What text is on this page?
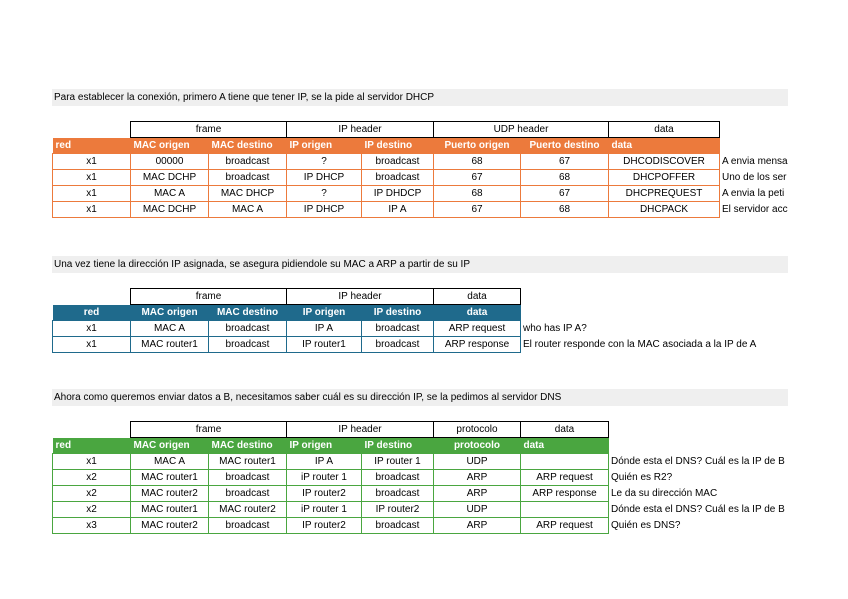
Para establecer la conexión, primero A tiene que tener IP, se la pide al servidor DHCP
	frame		IP header		UDP header		data	
red	MAC origen	MAC destino	IP origen	IP destino	Puerto origen	Puerto destino	data	
x1	00000	broadcast	?	broadcast	68	67	DHCODISCOVER	A envia mensa
x1	MAC DCHP	broadcast	IP DHCP	broadcast	67	68	DHCPOFFER	Uno de los ser
x1	MAC A	MAC DHCP	?	IP DHDCP	68	67	DHCPREQUEST	A envia la peti
x1	MAC DCHP	MAC A	IP DHCP	IP A	67	68	DHCPACK	El servidor acc
Una vez tiene la dirección IP asignada, se asegura pidiendole su MAC a ARP a partir de su IP
	frame		IP header		data	
red	MAC origen	MAC destino	IP origen	IP destino	data	
x1	MAC A	broadcast	IP A	broadcast	ARP request	who has IP A?
x1	MAC router1	broadcast	IP router1	broadcast	ARP response	El router responde con la MAC asociada a la IP de A
Ahora como queremos enviar datos a B, necesitamos saber cuál es su dirección IP, se la pedimos al servidor DNS
	frame		IP header		protocolo	data	
red	MAC origen	MAC destino	IP origen	IP destino	protocolo	data	
x1	MAC A	MAC router1	IP A	IP router 1	UDP		Dónde esta el DNS? Cuál es la IP de B
x2	MAC router1	broadcast	iP router 1	broadcast	ARP	ARP request	Quién es R2?
x2	MAC router2	broadcast	IP router2	broadcast	ARP	ARP response	Le da su dirección MAC
x2	MAC router1	MAC router2	iP router 1	IP router2	UDP		Dónde esta el DNS? Cuál es la IP de B
x3	MAC router2	broadcast	IP router2	broadcast	ARP	ARP request	Quién es DNS?
